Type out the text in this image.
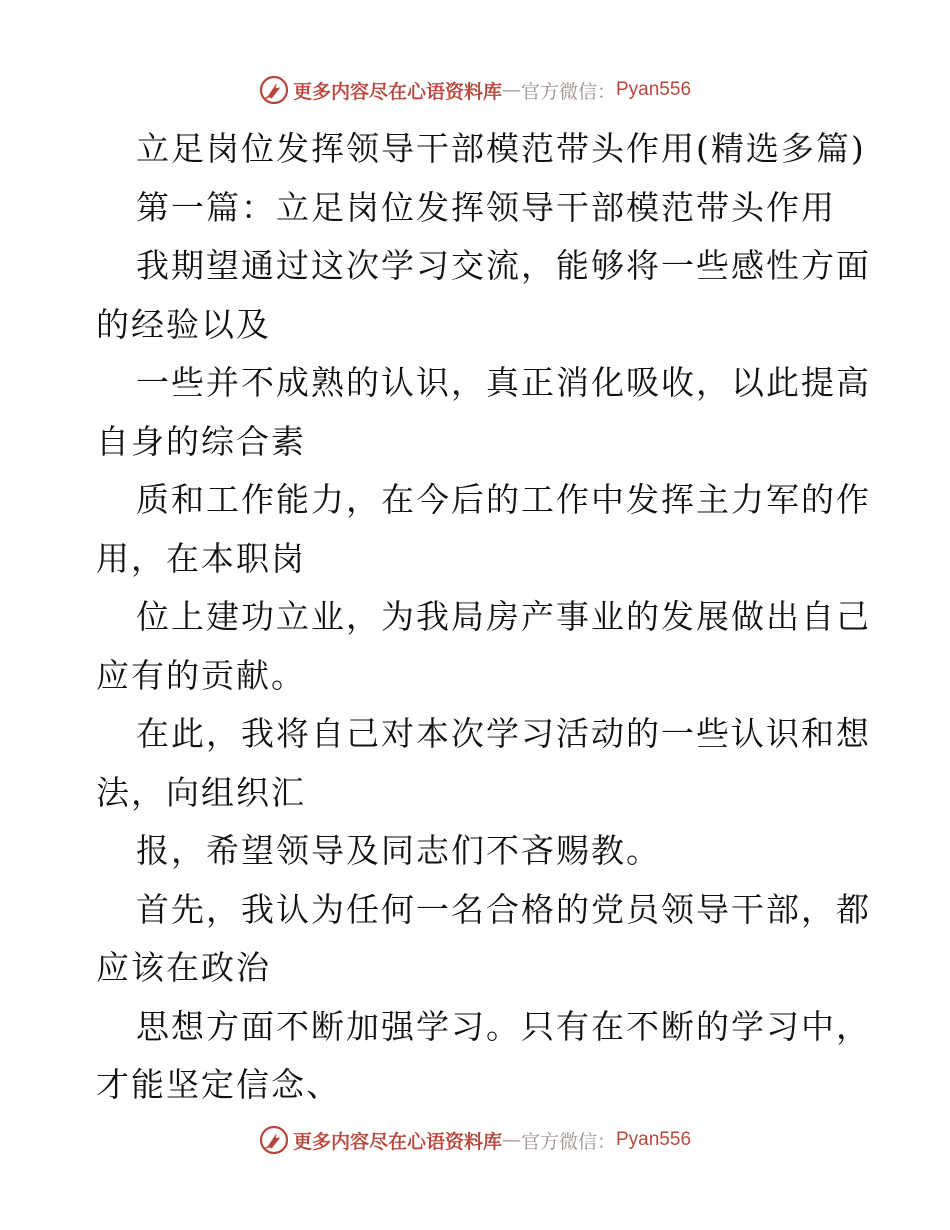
更多内容尽在心语资料库 — 官方微信： Pyan556

立足岗位发挥领导干部模范带头作用(精选多篇)

第一篇：立足岗位发挥领导干部模范带头作用

我期望通过这次学习交流，能够将一些感性方面
的经验以及

一些并不成熟的认识，真正消化吸收，以此提高
自身的综合素

质和工作能力，在今后的工作中发挥主力军的作
用，在本职岗

位上建功立业，为我局房产事业的发展做出自己
应有的贡献。

在此，我将自己对本次学习活动的一些认识和想
法，向组织汇

报，希望领导及同志们不吝赐教。

首先，我认为任何一名合格的党员领导干部，都
应该在政治

思想方面不断加强学习。只有在不断的学习中，
才能坚定信念、

更多内容尽在心语资料库 — 官方微信： Pyan556
